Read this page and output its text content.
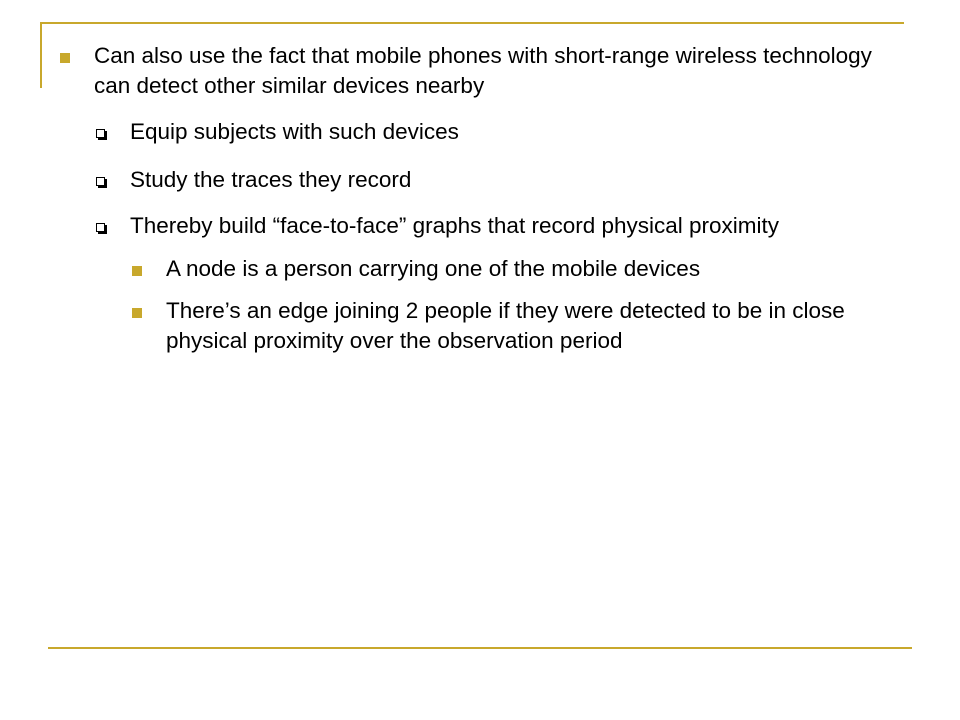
Can also use the fact that mobile phones with short-range wireless technology can detect other similar devices nearby
Equip subjects with such devices
Study the traces they record
Thereby build “face-to-face” graphs that record physical proximity
A node is a person carrying one of the mobile devices
There’s an edge joining 2 people if they were detected to be in close physical proximity over the observation period
